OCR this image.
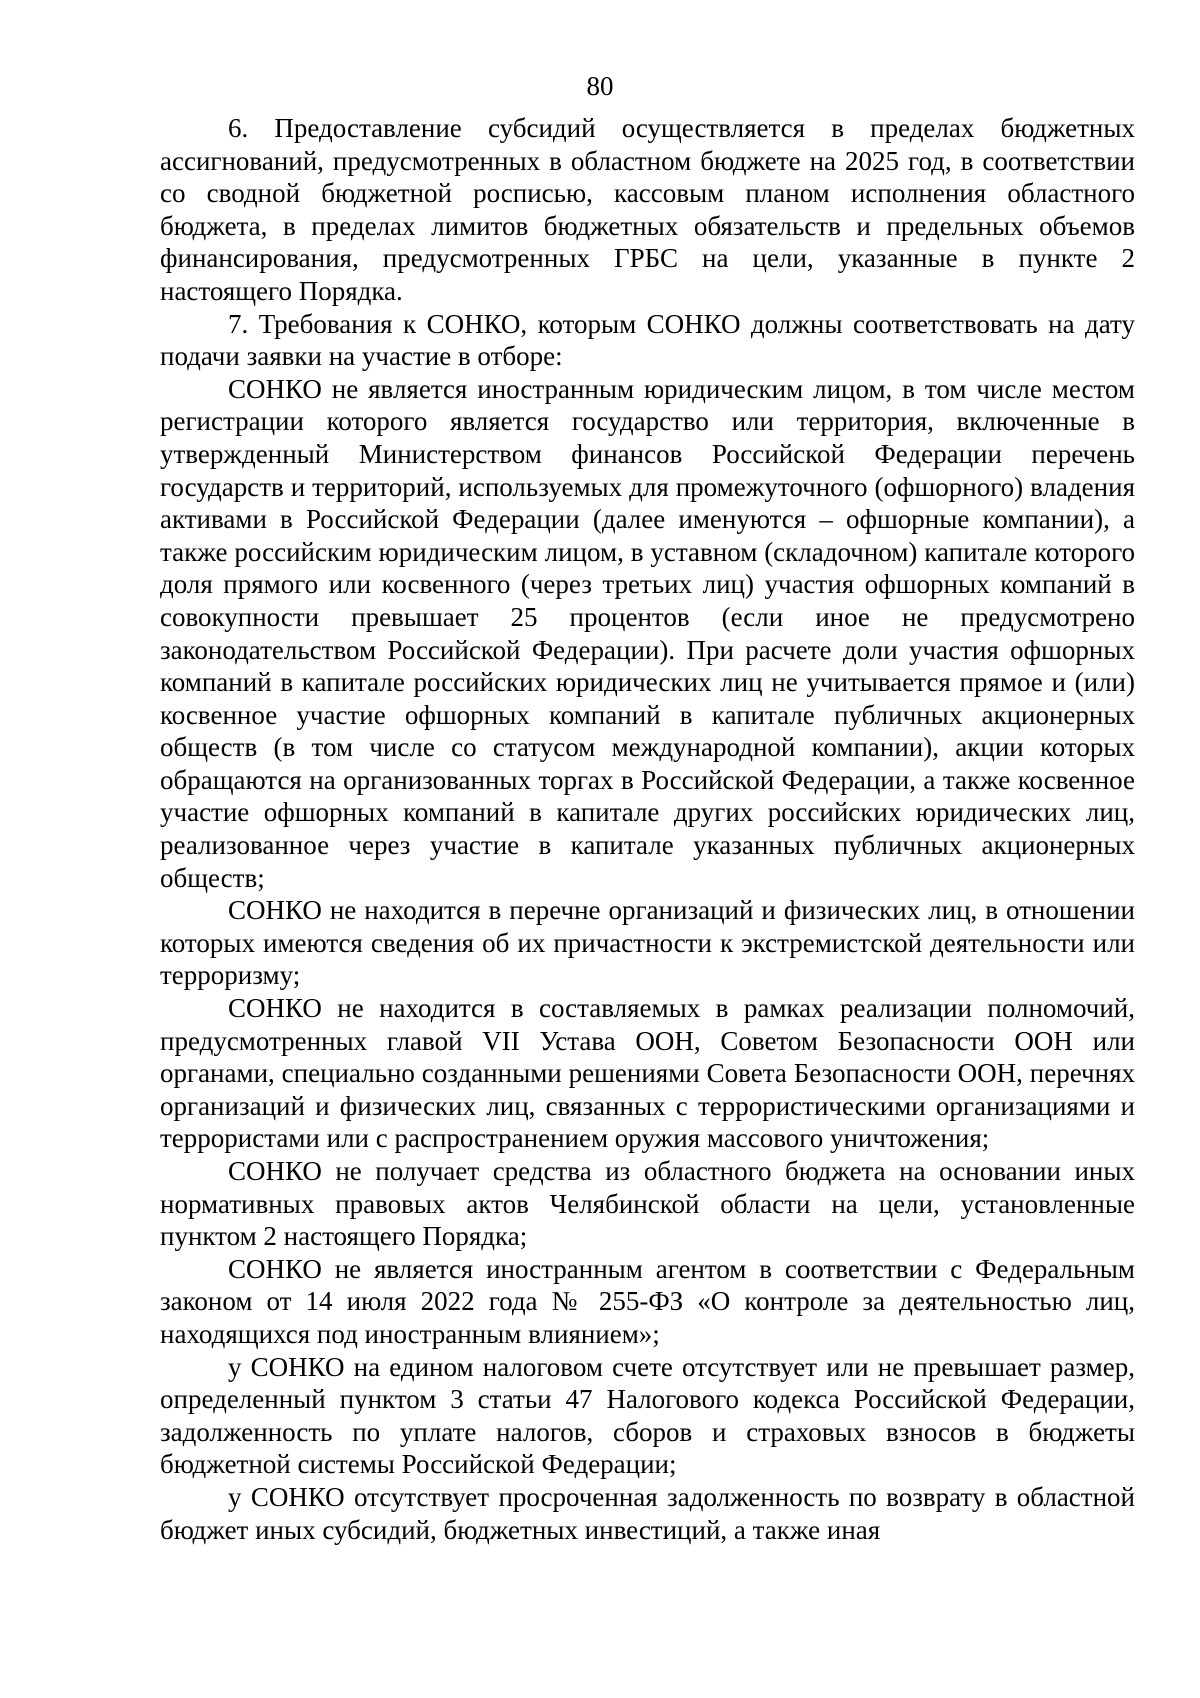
80

6. Предоставление субсидий осуществляется в пределах бюджетных ассигнований, предусмотренных в областном бюджете на 2025 год, в соответствии со сводной бюджетной росписью, кассовым планом исполнения областного бюджета, в пределах лимитов бюджетных обязательств и предельных объемов финансирования, предусмотренных ГРБС на цели, указанные в пункте 2 настоящего Порядка.

7. Требования к СОНКО, которым СОНКО должны соответствовать на дату подачи заявки на участие в отборе:

СОНКО не является иностранным юридическим лицом, в том числе местом регистрации которого является государство или территория, включенные в утвержденный Министерством финансов Российской Федерации перечень государств и территорий, используемых для промежуточного (офшорного) владения активами в Российской Федерации (далее именуются – офшорные компании), а также российским юридическим лицом, в уставном (складочном) капитале которого доля прямого или косвенного (через третьих лиц) участия офшорных компаний в совокупности превышает 25 процентов (если иное не предусмотрено законодательством Российской Федерации). При расчете доли участия офшорных компаний в капитале российских юридических лиц не учитывается прямое и (или) косвенное участие офшорных компаний в капитале публичных акционерных обществ (в том числе со статусом международной компании), акции которых обращаются на организованных торгах в Российской Федерации, а также косвенное участие офшорных компаний в капитале других российских юридических лиц, реализованное через участие в капитале указанных публичных акционерных обществ;

СОНКО не находится в перечне организаций и физических лиц, в отношении которых имеются сведения об их причастности к экстремистской деятельности или терроризму;

СОНКО не находится в составляемых в рамках реализации полномочий, предусмотренных главой VII Устава ООН, Советом Безопасности ООН или органами, специально созданными решениями Совета Безопасности ООН, перечнях организаций и физических лиц, связанных с террористическими организациями и террористами или с распространением оружия массового уничтожения;

СОНКО не получает средства из областного бюджета на основании иных нормативных правовых актов Челябинской области на цели, установленные пунктом 2 настоящего Порядка;

СОНКО не является иностранным агентом в соответствии с Федеральным законом от 14 июля 2022 года № 255-ФЗ «О контроле за деятельностью лиц, находящихся под иностранным влиянием»;

у СОНКО на едином налоговом счете отсутствует или не превышает размер, определенный пунктом 3 статьи 47 Налогового кодекса Российской Федерации, задолженность по уплате налогов, сборов и страховых взносов в бюджеты бюджетной системы Российской Федерации;

у СОНКО отсутствует просроченная задолженность по возврату в областной бюджет иных субсидий, бюджетных инвестиций, а также иная
